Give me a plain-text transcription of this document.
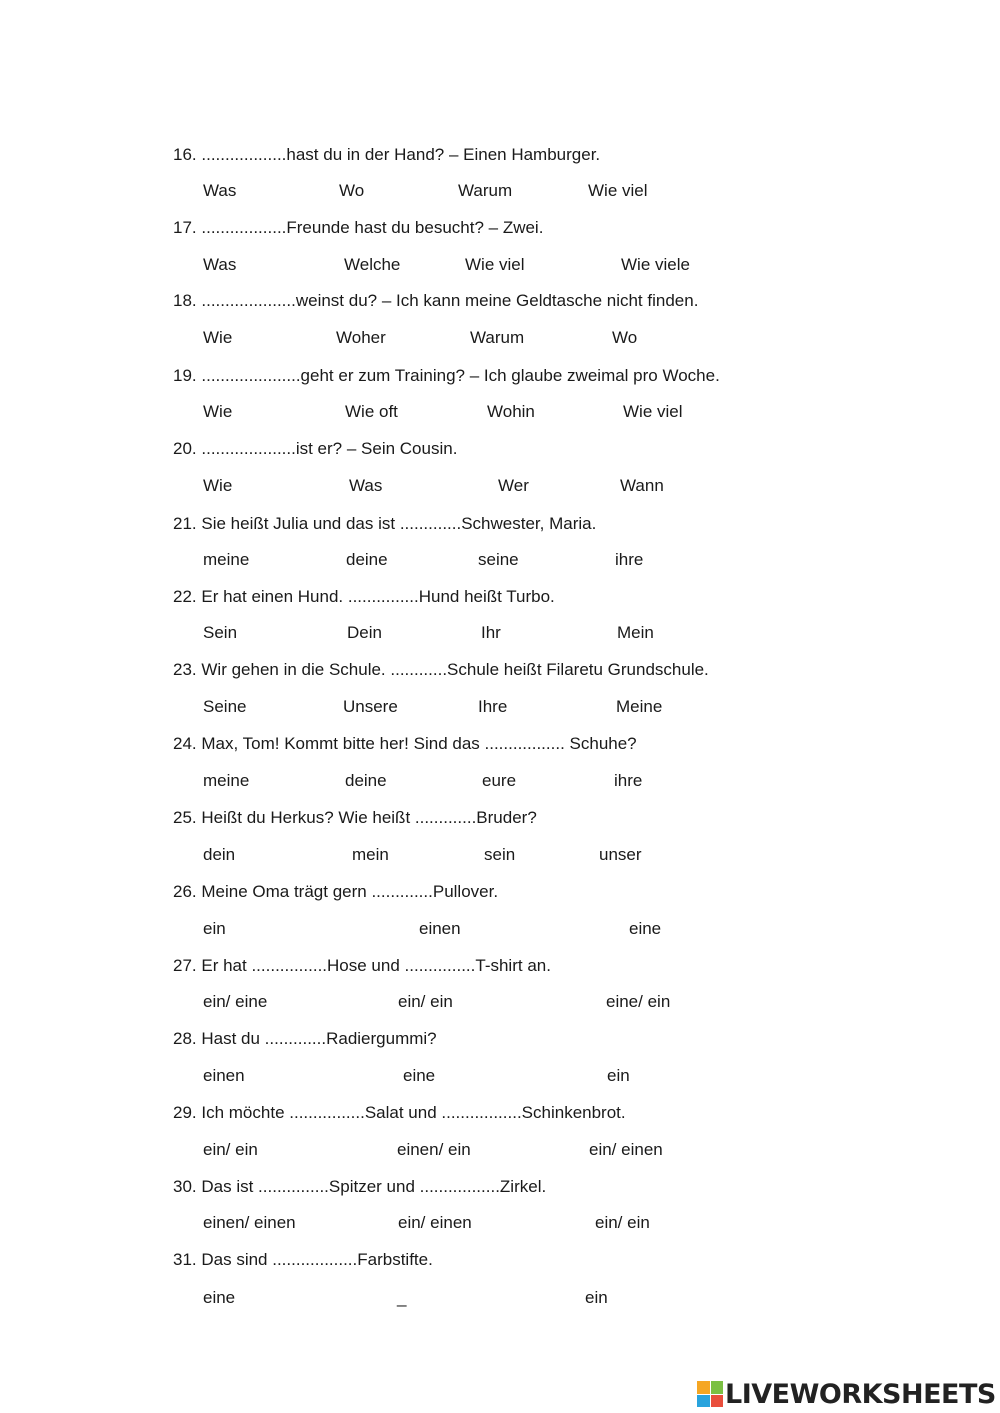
16. ..................hast du in der Hand? – Einen Hamburger.
Was	Wo	Warum	Wie viel
17. ..................Freunde hast du besucht? – Zwei.
Was	Welche	Wie viel	Wie viele
18. ....................weinst du? – Ich kann meine Geldtasche nicht finden.
Wie	Woher	Warum	Wo
19. .....................geht er zum Training? – Ich glaube zweimal pro Woche.
Wie	Wie oft	Wohin	Wie viel
20. ....................ist er? – Sein Cousin.
Wie	Was	Wer	Wann
21. Sie heißt Julia und das ist .............Schwester, Maria.
meine	deine	seine	ihre
22. Er hat einen Hund. ...............Hund heißt Turbo.
Sein	Dein	Ihr	Mein
23. Wir gehen in die Schule. ............Schule heißt Filaretu Grundschule.
Seine	Unsere	Ihre	Meine
24. Max, Tom! Kommt bitte her! Sind das ................. Schuhe?
meine	deine	eure	ihre
25. Heißt du Herkus? Wie heißt .............Bruder?
dein	mein	sein	unser
26. Meine Oma trägt gern .............Pullover.
ein	einen	eine
27. Er hat ................Hose und ...............T-shirt an.
ein/ eine	ein/ ein	eine/ ein
28. Hast du .............Radiergummi?
einen	eine	ein
29. Ich möchte ................Salat und .................Schinkenbrot.
ein/ ein	einen/ ein	ein/ einen
30. Das ist ...............Spitzer und .................Zirkel.
einen/ einen	ein/ einen	ein/ ein
31. Das sind ..................Farbstifte.
eine	_	ein
LIVEWORKSHEETS
